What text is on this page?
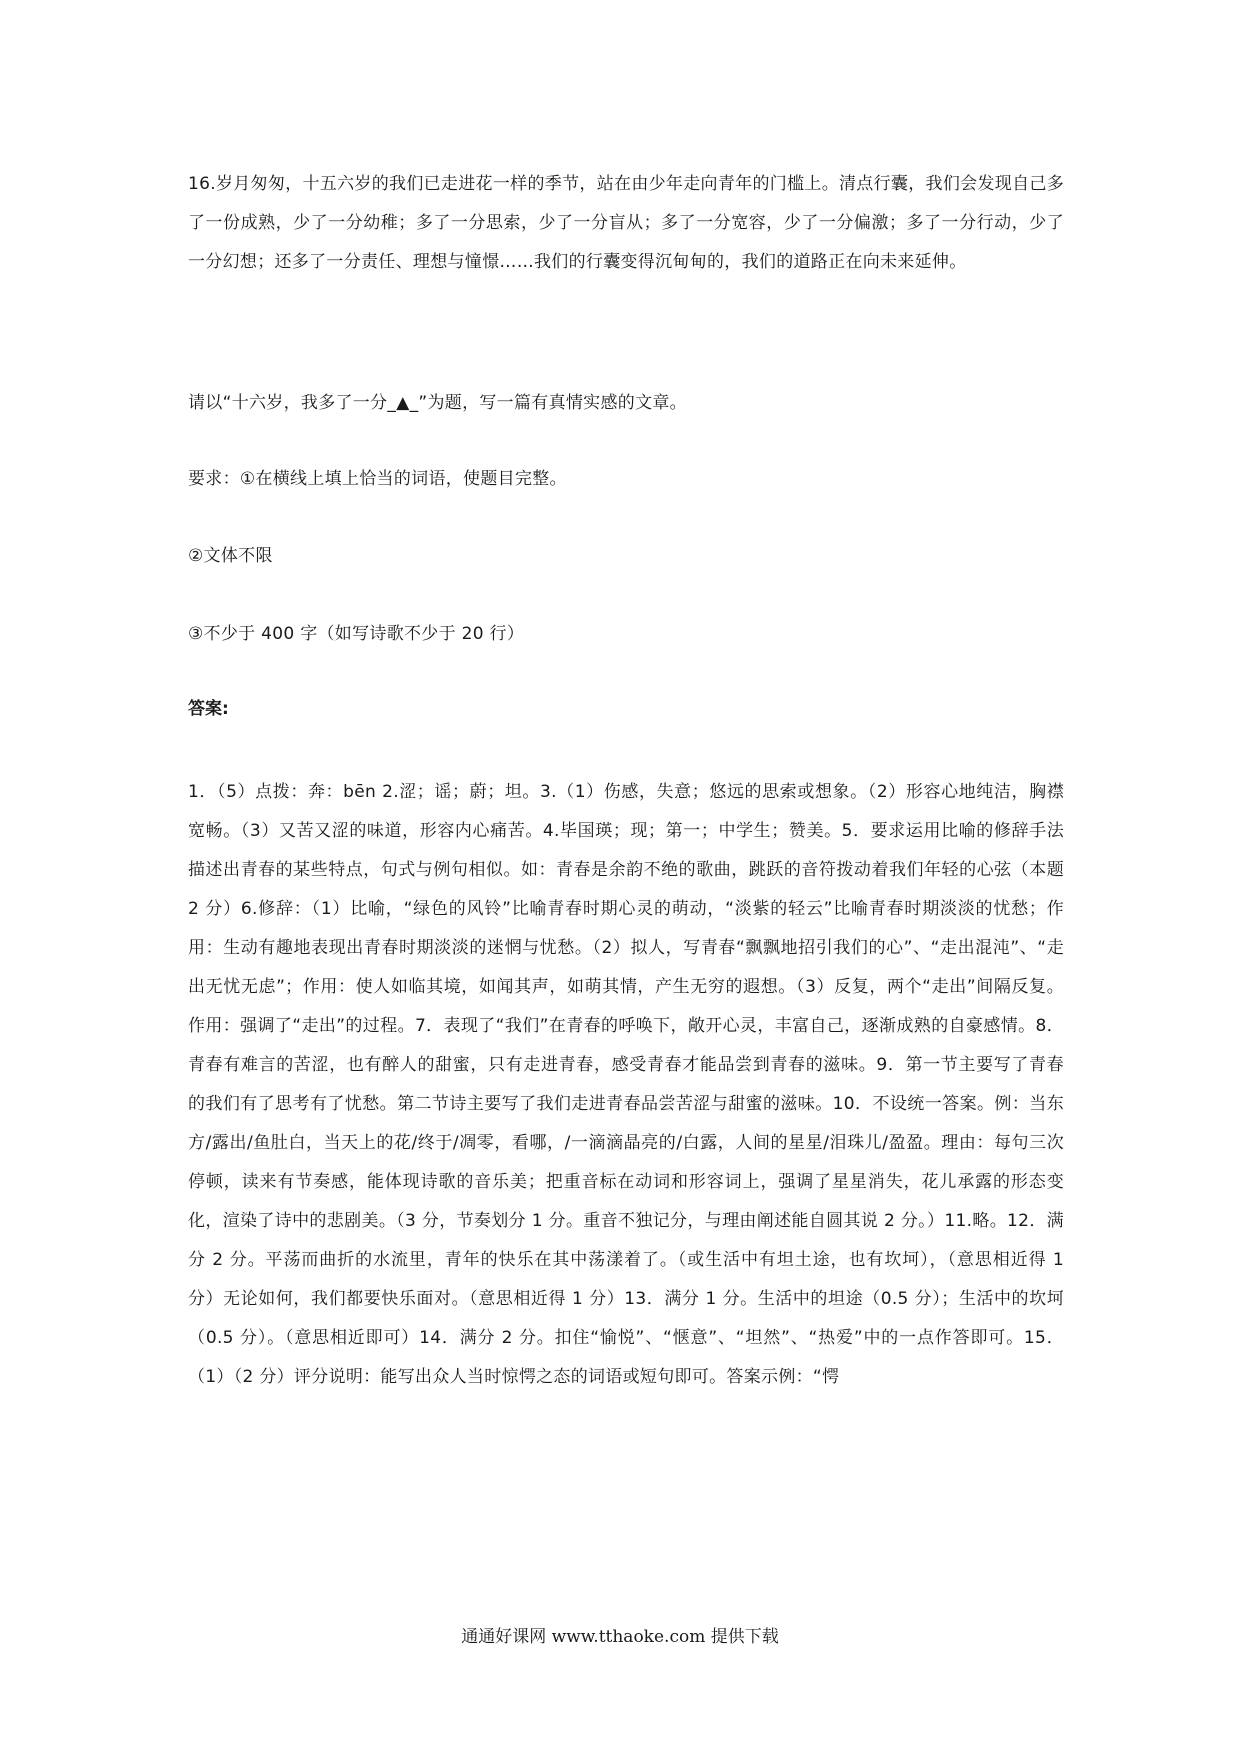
16.岁月匆匆，十五六岁的我们已走进花一样的季节，站在由少年走向青年的门槛上。清点行囊，我们会发现自己多了一份成熟，少了一分幼稚；多了一分思索，少了一分盲从；多了一分宽容，少了一分偏激；多了一分行动，少了一分幻想；还多了一分责任、理想与憧憬……我们的行囊变得沉甸甸的，我们的道路正在向未来延伸。

请以“十六岁，我多了一分_▲_”为题，写一篇有真情实感的文章。

要求：①在横线上填上恰当的词语，使题目完整。

②文体不限

③不少于 400 字（如写诗歌不少于 20 行）

答案:

1．（5）点拨：奔：bēn 2.涩；谣；蔚；坦。3.（1）伤感，失意；悠远的思索或想象。（2）形容心地纯洁，胸襟宽畅。（3）又苦又涩的味道，形容内心痛苦。4.毕国瑛；现；第一；中学生；赞美。5．要求运用比喻的修辞手法描述出青春的某些特点，句式与例句相似。如：青春是余韵不绝的歌曲，跳跃的音符拨动着我们年轻的心弦（本题 2 分）6.修辞：（1）比喻，“绿色的风铃”比喻青春时期心灵的萌动，“淡紫的轻云”比喻青春时期淡淡的忧愁；作用：生动有趣地表现出青春时期淡淡的迷惘与忧愁。（2）拟人，写青春“飘飘地招引我们的心”、“走出混沌”、“走出无忧无虑”；作用：使人如临其境，如闻其声，如萌其情，产生无穷的遐想。（3）反复，两个“走出”间隔反复。作用：强调了“走出”的过程。7．表现了“我们”在青春的呼唤下，敞开心灵，丰富自己，逐渐成熟的自豪感情。8．青春有难言的苦涩，也有醉人的甜蜜，只有走进青春，感受青春才能品尝到青春的滋味。9．第一节主要写了青春的我们有了思考有了忧愁。第二节诗主要写了我们走进青春品尝苦涩与甜蜜的滋味。10．不设统一答案。例：当东方/露出/鱼肚白，当天上的花/终于/凋零，看哪，/一滴滴晶亮的/白露，人间的星星/泪珠儿/盈盈。理由：每句三次停顿，读来有节奏感，能体现诗歌的音乐美；把重音标在动词和形容词上，强调了星星消失，花儿承露的形态变化，渲染了诗中的悲剧美。（3 分，节奏划分 1 分。重音不独记分，与理由阐述能自圆其说 2 分。）11.略。12．满分 2 分。平荡而曲折的水流里，青年的快乐在其中荡漾着了。（或生活中有坦土途，也有坎坷），（意思相近得 1 分）无论如何，我们都要快乐面对。（意思相近得 1 分）13．满分 1 分。生活中的坦途（0.5 分）；生活中的坎坷（0.5 分）。（意思相近即可）14．满分 2 分。扣住“愉悦”、“惬意”、“坦然”、“热爱”中的一点作答即可。15．（1）（2 分）评分说明：能写出众人当时惊愕之态的词语或短句即可。答案示例：“愕

通通好课网 www.tthaoke.com 提供下载
